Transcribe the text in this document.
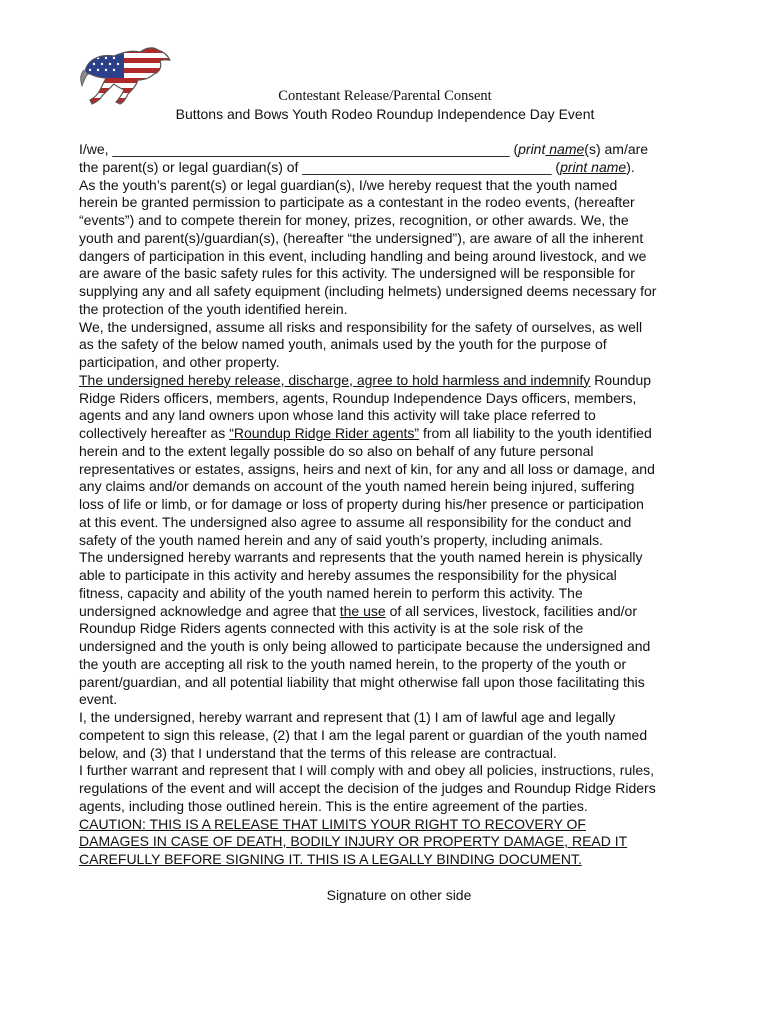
Contestant Release/Parental Consent
Buttons and Bows Youth Rodeo Roundup Independence Day Event
I/we, ___________________________________________________ (print name(s) am/are
the parent(s) or legal guardian(s) of ________________________________ (print name).
As the youth’s parent(s) or legal guardian(s), I/we hereby request that the youth named
herein be granted permission to participate as a contestant in the rodeo events, (hereafter
“events”) and to compete therein for money, prizes, recognition, or other awards. We, the
youth and parent(s)/guardian(s), (hereafter “the undersigned”), are aware of all the inherent
dangers of participation in this event, including handling and being around livestock, and we
are aware of the basic safety rules for this activity. The undersigned will be responsible for
supplying any and all safety equipment (including helmets) undersigned deems necessary for
the protection of the youth identified herein.
We, the undersigned, assume all risks and responsibility for the safety of ourselves, as well
as the safety of the below named youth, animals used by the youth for the purpose of
participation, and other property.
The undersigned hereby release, discharge, agree to hold harmless and indemnify Roundup
Ridge Riders officers, members, agents, Roundup Independence Days officers, members,
agents and any land owners upon whose land this activity will take place referred to
collectively hereafter as “Roundup Ridge Rider agents” from all liability to the youth identified
herein and to the extent legally possible do so also on behalf of any future personal
representatives or estates, assigns, heirs and next of kin, for any and all loss or damage, and
any claims and/or demands on account of the youth named herein being injured, suffering
loss of life or limb, or for damage or loss of property during his/her presence or participation
at this event. The undersigned also agree to assume all responsibility for the conduct and
safety of the youth named herein and any of said youth’s property, including animals.
The undersigned hereby warrants and represents that the youth named herein is physically
able to participate in this activity and hereby assumes the responsibility for the physical
fitness, capacity and ability of the youth named herein to perform this activity. The
undersigned acknowledge and agree that the use of all services, livestock, facilities and/or
Roundup Ridge Riders agents connected with this activity is at the sole risk of the
undersigned and the youth is only being allowed to participate because the undersigned and
the youth are accepting all risk to the youth named herein, to the property of the youth or
parent/guardian, and all potential liability that might otherwise fall upon those facilitating this
event.
I, the undersigned, hereby warrant and represent that (1) I am of lawful age and legally
competent to sign this release, (2) that I am the legal parent or guardian of the youth named
below, and (3) that I understand that the terms of this release are contractual.
I further warrant and represent that I will comply with and obey all policies, instructions, rules,
regulations of the event and will accept the decision of the judges and Roundup Ridge Riders
agents, including those outlined herein. This is the entire agreement of the parties.
CAUTION: THIS IS A RELEASE THAT LIMITS YOUR RIGHT TO RECOVERY OF
DAMAGES IN CASE OF DEATH, BODILY INJURY OR PROPERTY DAMAGE, READ IT
CAREFULLY BEFORE SIGNING IT. THIS IS A LEGALLY BINDING DOCUMENT.
Signature on other side
